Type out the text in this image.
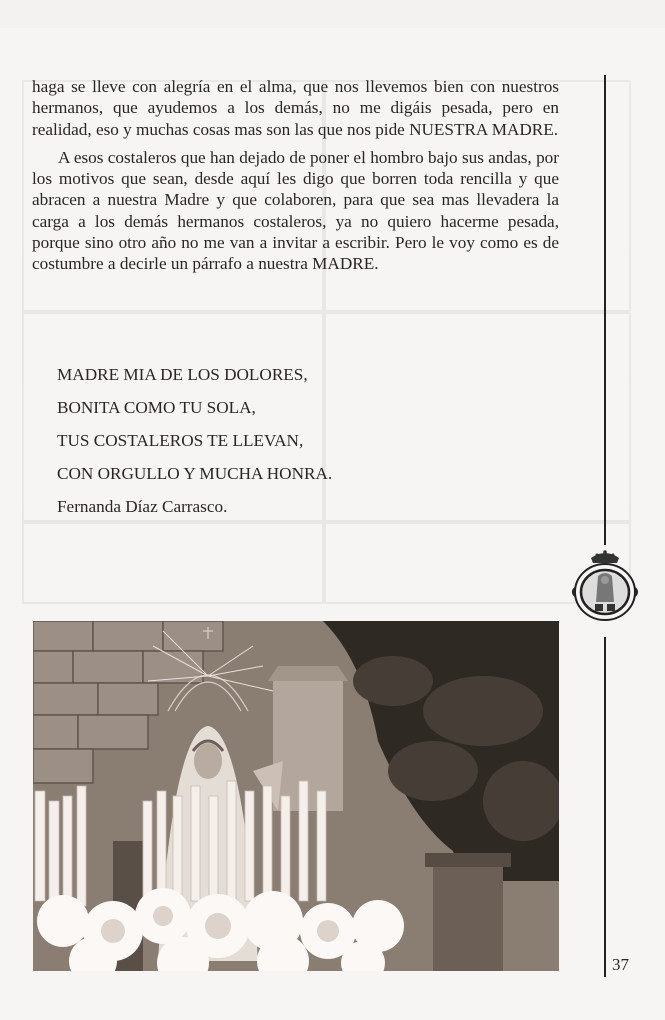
haga se lleve con alegría en el alma, que nos llevemos bien con nuestros hermanos, que ayudemos a los demás, no me digáis pesada, pero en realidad, eso y muchas cosas mas son las que nos pide NUESTRA MADRE.

A esos costaleros que han dejado de poner el hombro bajo sus andas, por los motivos que sean, desde aquí les digo que borren toda rencilla y que abracen a nuestra Madre y que colaboren, para que sea mas llevadera la carga a los demás hermanos costaleros, ya no quiero hacerme pesada, porque sino otro año no me van a invitar a escribir. Pero le voy como es de costumbre a decirle un párrafo a nuestra MADRE.

MADRE MIA DE LOS DOLORES,
BONITA COMO TU SOLA,
TUS COSTALEROS TE LLEVAN,
CON ORGULLO Y MUCHA HONRA.
Fernanda Díaz Carrasco.
37
